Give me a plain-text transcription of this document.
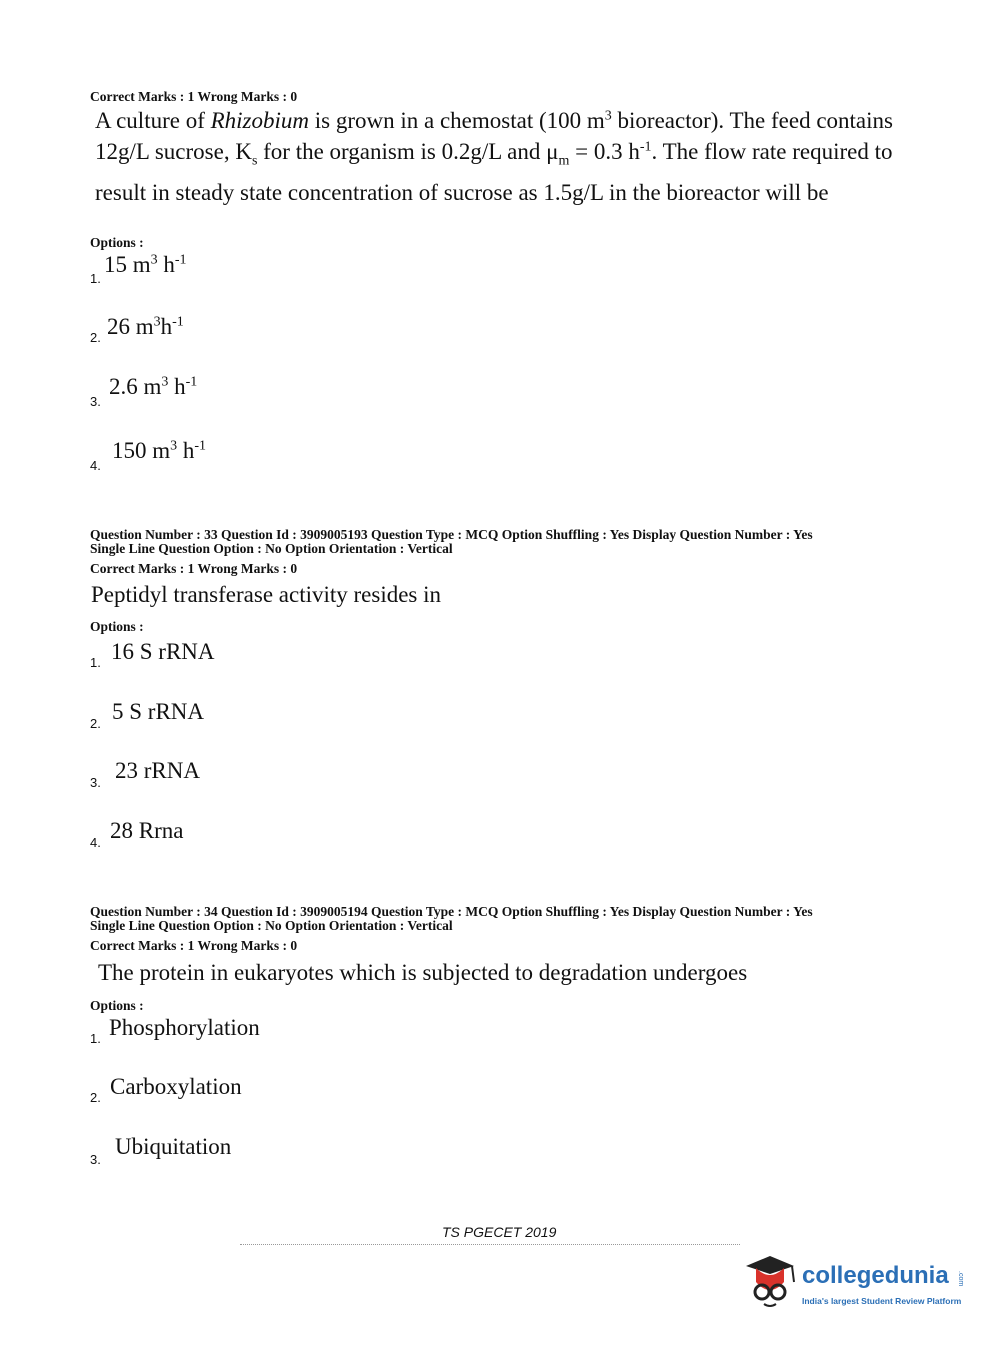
Correct Marks : 1 Wrong Marks : 0
A culture of Rhizobium is grown in a chemostat (100 $m^3$ bioreactor). The feed contains 12g/L sucrose, $K_s$ for the organism is 0.2g/L and $\mu_m = 0.3$ $h^{-1}$. The flow rate required to result in steady state concentration of sucrose as 1.5g/L in the bioreactor will be
Options :
1.
15 $m^3$ $h^{-1}$
2. 26 $m^3h^{-1}$
3.
2.6 $m^3$ $h^{-1}$
4.
150 $m^3$ $h^{-1}$
Question Number : 33 Question Id : 3909005193 Question Type : MCQ Option Shuffling : Yes Display Question Number : Yes
Single Line Question Option : No Option Orientation : Vertical
Correct Marks : 1 Wrong Marks : 0
Peptidyl transferase activity resides in
Options :
1. 16 S rRNA
2. 5 S rRNA
3. 23 rRNA
4. 28 Rrna
Question Number : 34 Question Id : 3909005194 Question Type : MCQ Option Shuffling : Yes Display Question Number : Yes
Single Line Question Option : No Option Orientation : Vertical
Correct Marks : 1 Wrong Marks : 0
The protein in eukaryotes which is subjected to degradation undergoes
Options :
1. Phosphorylation
2. Carboxylation
3.
Ubiquitation
TS PGECET 2019
collegedunia .com
India's largest Student Review Platform
